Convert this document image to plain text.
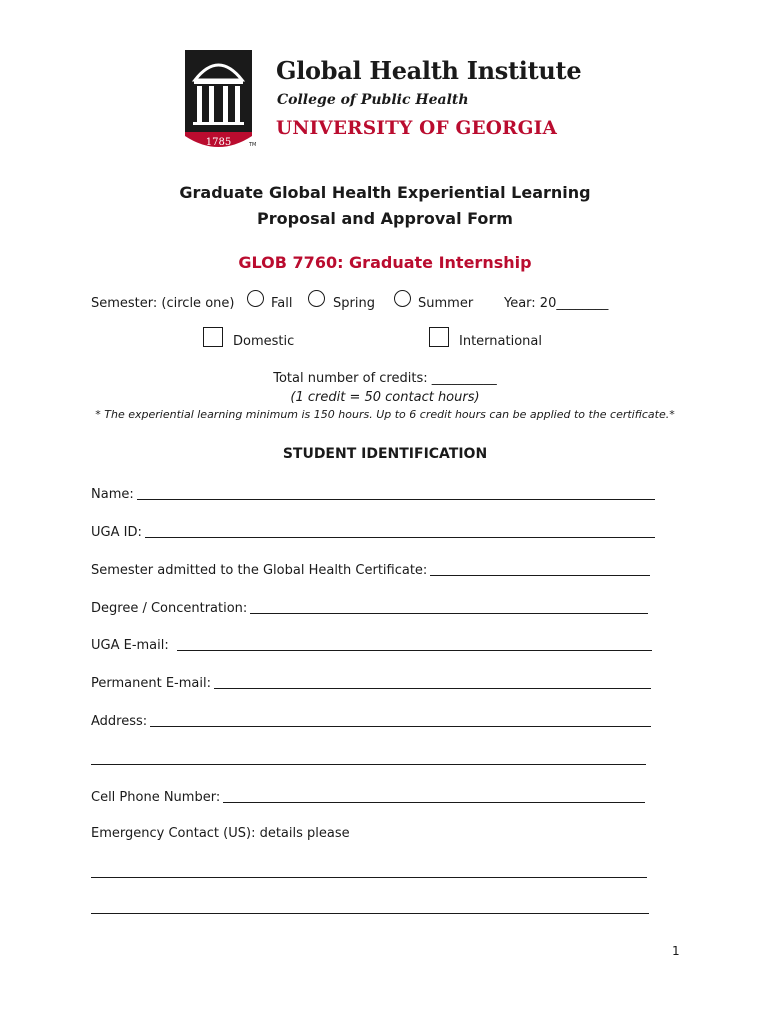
1785	TM
Global Health Institute
College of Public Health
UNIVERSITY OF GEORGIA
Graduate Global Health Experiential Learning
Proposal and Approval Form
GLOB 7760: Graduate Internship
Semester: (circle one)	Fall	Spring	Summer Year: 20________
Domestic	International
Total number of credits: __________
(1 credit = 50 contact hours)
* The experiential learning minimum is 150 hours. Up to 6 credit hours can be applied to the certificate.*
STUDENT IDENTIFICATION
Name:
UGA ID:
Semester admitted to the Global Health Certificate:
Degree / Concentration:
UGA E-mail:
Permanent E-mail:
Address:
Cell Phone Number:
Emergency Contact (US): details please
1
